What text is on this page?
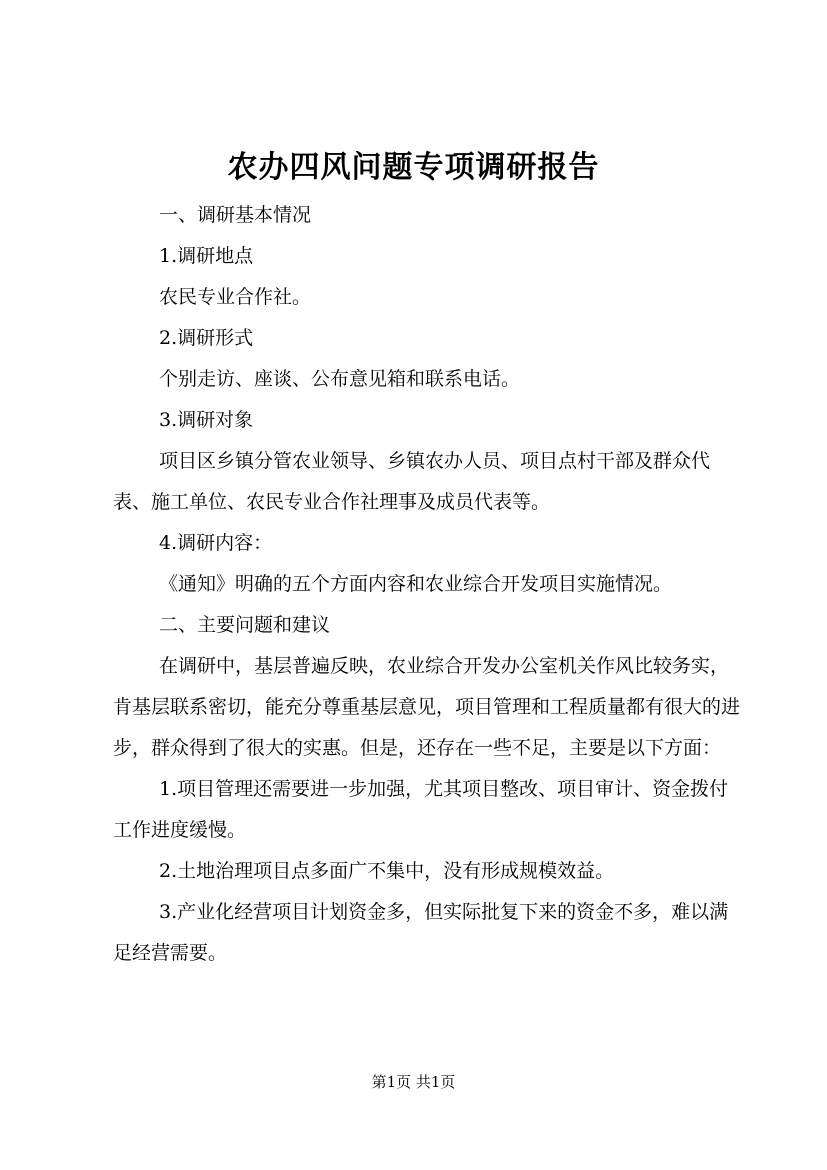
农办四风问题专项调研报告

一、调研基本情况

1.调研地点

农民专业合作社。

2.调研形式

个别走访、座谈、公布意见箱和联系电话。

3.调研对象

项目区乡镇分管农业领导、乡镇农办人员、项目点村干部及群众代表、施工单位、农民专业合作社理事及成员代表等。

4.调研内容：

《通知》明确的五个方面内容和农业综合开发项目实施情况。

二、主要问题和建议

在调研中，基层普遍反映，农业综合开发办公室机关作风比较务实，肯基层联系密切，能充分尊重基层意见，项目管理和工程质量都有很大的进步，群众得到了很大的实惠。但是，还存在一些不足，主要是以下方面：

1.项目管理还需要进一步加强，尤其项目整改、项目审计、资金拨付工作进度缓慢。

2.土地治理项目点多面广不集中，没有形成规模效益。

3.产业化经营项目计划资金多，但实际批复下来的资金不多，难以满足经营需要。

第1页 共1页
